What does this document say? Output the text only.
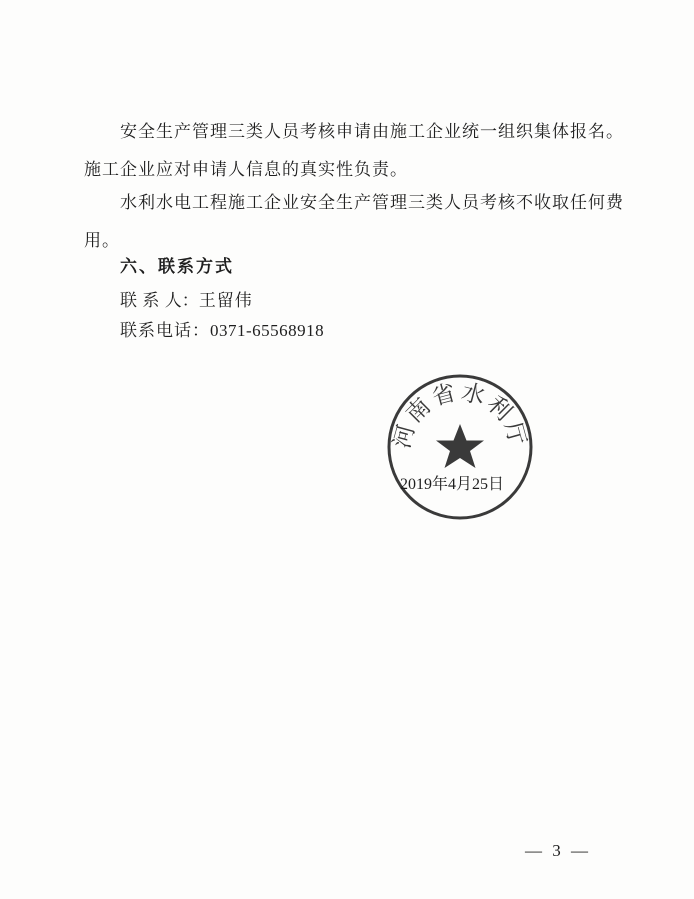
安全生产管理三类人员考核申请由施工企业统一组织集体报名。施工企业应对申请人信息的真实性负责。

水利水电工程施工企业安全生产管理三类人员考核不收取任何费用。

六、联系方式

联 系 人：王留伟

联系电话：0371-65568918

河南省水利厅

2019年4月25日

— 3 —
